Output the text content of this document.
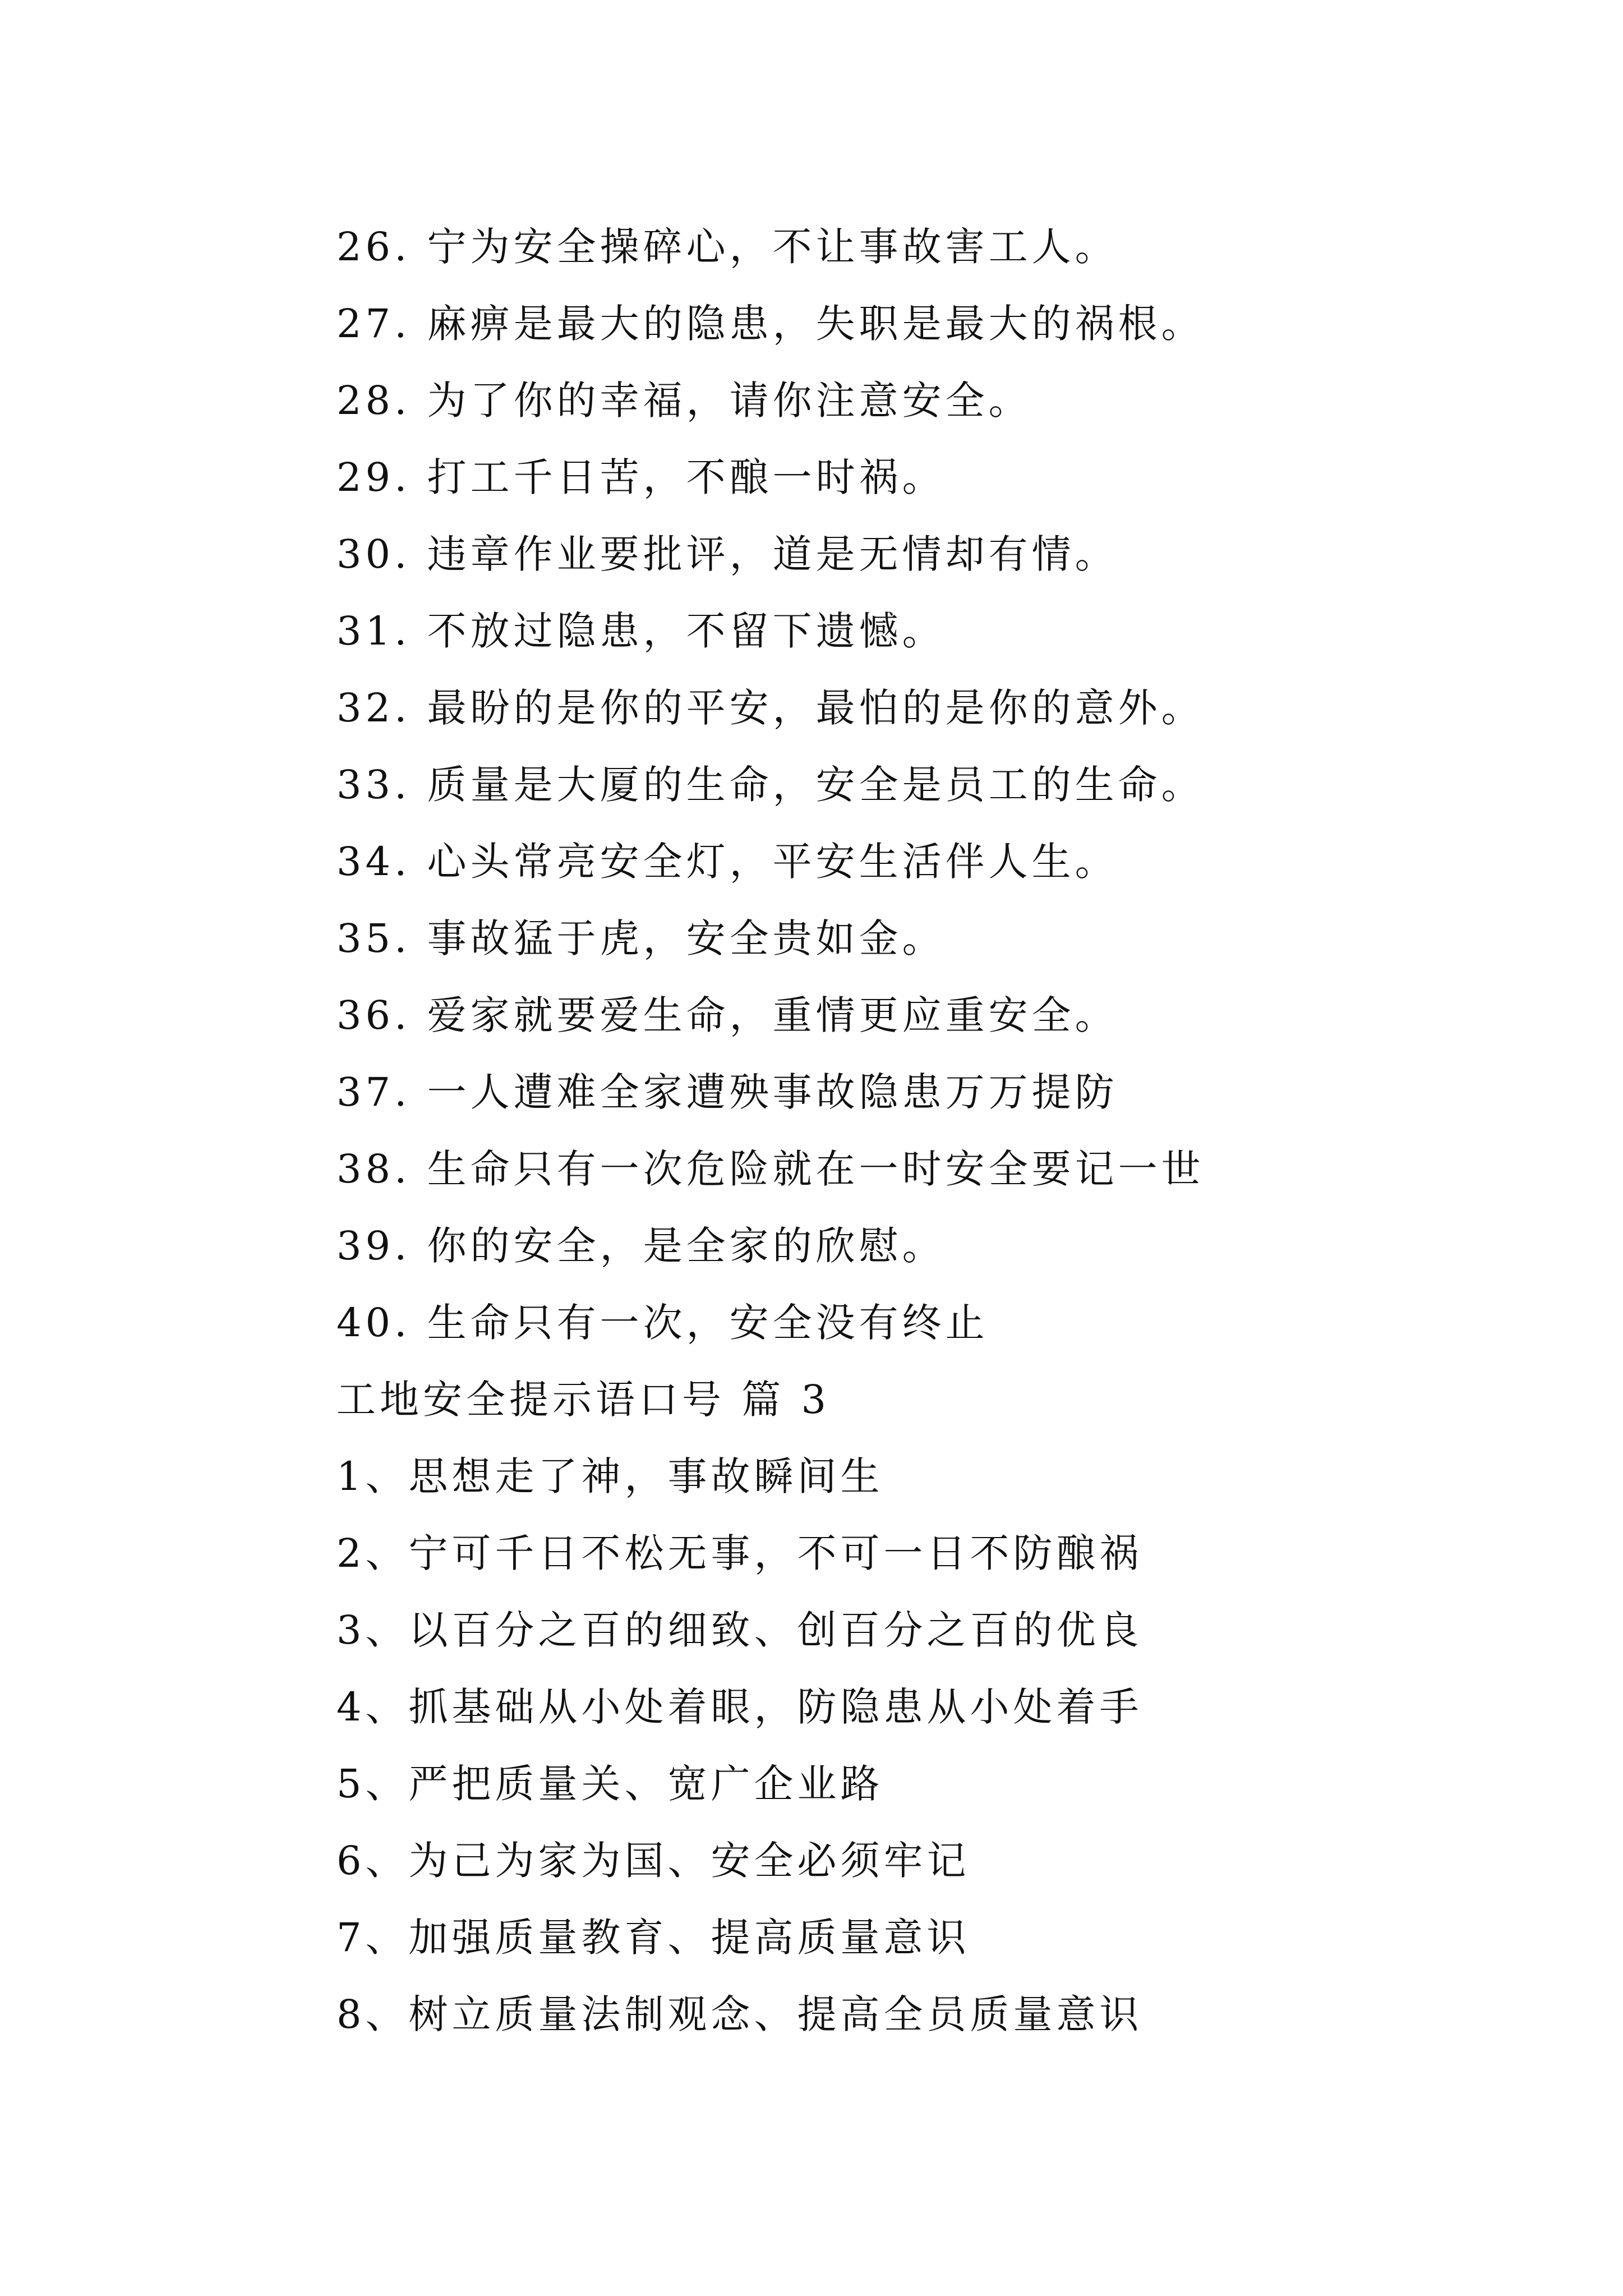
26. 宁为安全操碎心，不让事故害工人。
27. 麻痹是最大的隐患，失职是最大的祸根。
28. 为了你的幸福，请你注意安全。
29. 打工千日苦，不酿一时祸。
30. 违章作业要批评，道是无情却有情。
31. 不放过隐患，不留下遗憾。
32. 最盼的是你的平安，最怕的是你的意外。
33. 质量是大厦的生命，安全是员工的生命。
34. 心头常亮安全灯，平安生活伴人生。
35. 事故猛于虎，安全贵如金。
36. 爱家就要爱生命，重情更应重安全。
37. 一人遭难全家遭殃事故隐患万万提防
38. 生命只有一次危险就在一时安全要记一世
39. 你的安全，是全家的欣慰。
40. 生命只有一次，安全没有终止
工地安全提示语口号 篇 3
1、思想走了神，事故瞬间生
2、宁可千日不松无事，不可一日不防酿祸
3、以百分之百的细致、创百分之百的优良
4、抓基础从小处着眼，防隐患从小处着手
5、严把质量关、宽广企业路
6、为己为家为国、安全必须牢记
7、加强质量教育、提高质量意识
8、树立质量法制观念、提高全员质量意识
